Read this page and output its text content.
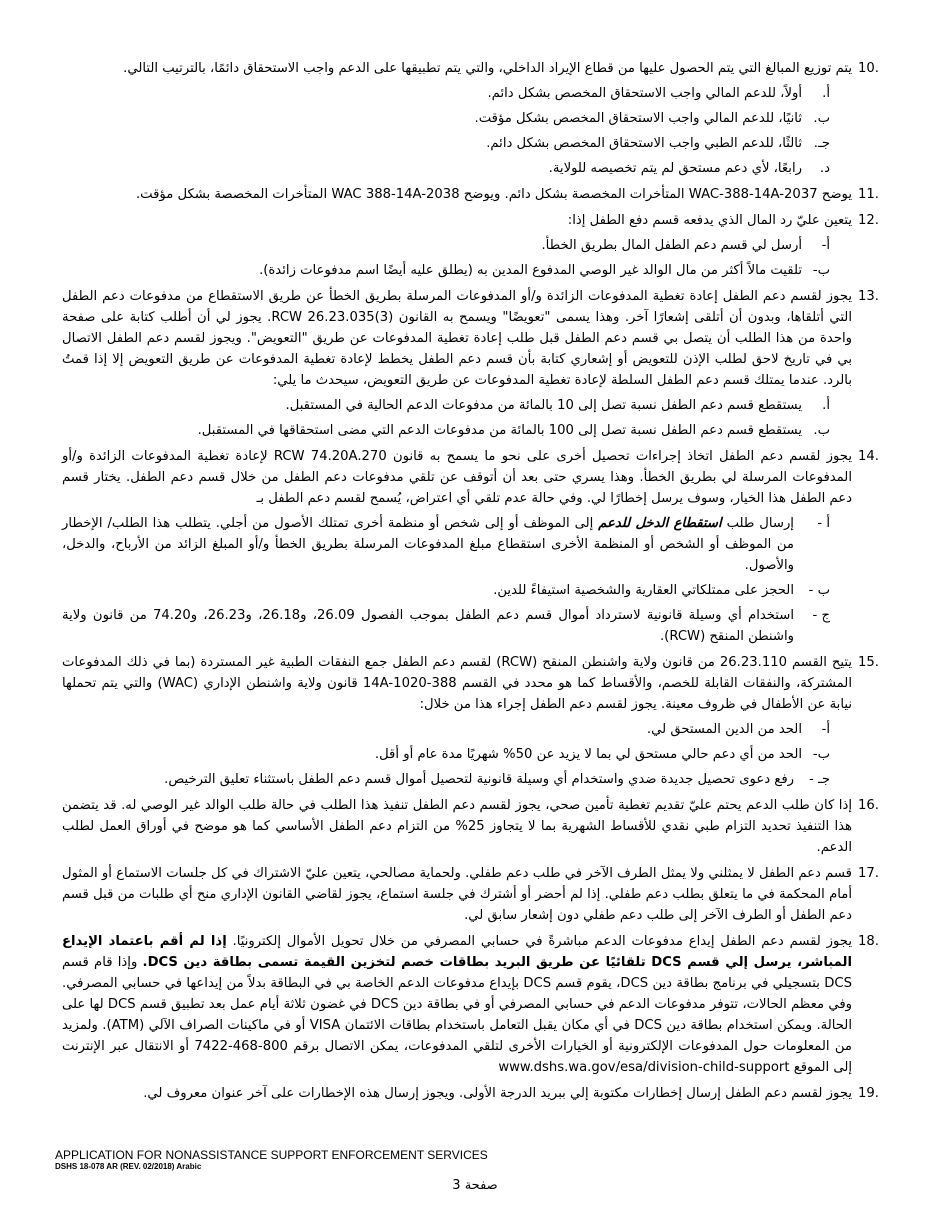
10.
يتم توزيع المبالغ التي يتم الحصول عليها من قطاع الإيراد الداخلي، والتي يتم تطبيقها على الدعم واجب الاستحقاق دائمًا، بالترتيب التالي.
أ.
أولاً، للدعم المالي واجب الاستحقاق المخصص بشكل دائم.
ب.
ثانيًا، للدعم المالي واجب الاستحقاق المخصص بشكل مؤقت.
جـ.
ثالثًا، للدعم الطبي واجب الاستحقاق المخصص بشكل دائم.
د.
رابعًا، لأي دعم مستحق لم يتم تخصيصه للولاية.
11.
يوضح WAC-388-14A-2037 المتأخرات المخصصة بشكل دائم. ويوضح WAC 388-14A-2038 المتأخرات المخصصة بشكل مؤقت.
12.
يتعين عليّ رد المال الذي يدفعه قسم دفع الطفل إذا:
أ-
أرسل لي قسم دعم الطفل المال بطريق الخطأ.
ب-
تلقيت مالاً أكثر من مال الوالد غير الوصي المدفوع المدين به (يطلق عليه أيضًا اسم مدفوعات زائدة).
13.
يجوز لقسم دعم الطفل إعادة تغطية المدفوعات الزائدة و/أو المدفوعات المرسلة بطريق الخطأ عن طريق الاستقطاع من مدفوعات دعم الطفل التي أتلقاها، وبدون أن أتلقى إشعارًا آخر. وهذا يسمى "تعويضًا" ويسمح به القانون RCW 26.23.035(3). يجوز لي أن أطلب كتابة على صفحة واحدة من هذا الطلب أن يتصل بي قسم دعم الطفل قبل طلب إعادة تغطية المدفوعات عن طريق "التعويض". ويجوز لقسم دعم الطفل الاتصال بي في تاريخ لاحق لطلب الإذن للتعويض أو إشعاري كتابة بأن قسم دعم الطفل يخطط لإعادة تغطية المدفوعات عن طريق التعويض إلا إذا قمتُ بالرد. عندما يمتلك قسم دعم الطفل السلطة لإعادة تغطية المدفوعات عن طريق التعويض، سيحدث ما يلي:
أ.
يستقطع قسم دعم الطفل نسبة تصل إلى 10 بالمائة من مدفوعات الدعم الحالية في المستقبل.
ب.
يستقطع قسم دعم الطفل نسبة تصل إلى 100 بالمائة من مدفوعات الدعم التي مضى استحقاقها في المستقبل.
14.
يجوز لقسم دعم الطفل اتخاذ إجراءات تحصيل أخرى على نحو ما يسمح به قانون RCW 74.20A.270 لإعادة تغطية المدفوعات الزائدة و/أو المدفوعات المرسلة لي بطريق الخطأ. وهذا يسري حتى بعد أن أتوقف عن تلقي مدفوعات دعم الطفل من خلال قسم دعم الطفل. يختار قسم دعم الطفل هذا الخيار، وسوف يرسل إخطارًا لي. وفي حالة عدم تلقي أي اعتراض، يُسمح لقسم دعم الطفل بـ
أ -
إرسال طلب استقطاع الدخل للدعم إلى الموظف أو إلى شخص أو منظمة أخرى تمتلك الأصول من أجلي. يتطلب هذا الطلب/ الإخطار من الموظف أو الشخص أو المنظمة الأخرى استقطاع مبلغ المدفوعات المرسلة بطريق الخطأ و/أو المبلغ الزائد من الأرباح، والدخل، والأصول.
ب -
الحجز على ممتلكاتي العقارية والشخصية استيفاءً للدين.
ج -
استخدام أي وسيلة قانونية لاسترداد أموال قسم دعم الطفل بموجب الفصول 26.09، و26.18، و26.23، و74.20 من قانون ولاية واشنطن المنقح (RCW).
15.
يتيح القسم 26.23.110 من قانون ولاية واشنطن المنقح (RCW) لقسم دعم الطفل جمع النفقات الطبية غير المستردة (بما في ذلك المدفوعات المشتركة، والنفقات القابلة للخصم، والأقساط كما هو محدد في القسم 388-14A-1020 قانون ولاية واشنطن الإداري (WAC) والتي يتم تحملها نيابة عن الأطفال في ظروف معينة. يجوز لقسم دعم الطفل إجراء هذا من خلال:
أ-
الحد من الدين المستحق لي.
ب-
الحد من أي دعم حالي مستحق لي بما لا يزيد عن 50% شهريًا مدة عام أو أقل.
جـ -
رفع دعوى تحصيل جديدة ضدي واستخدام أي وسيلة قانونية لتحصيل أموال قسم دعم الطفل باستثناء تعليق الترخيص.
16.
إذا كان طلب الدعم يحتم عليّ تقديم تغطية تأمين صحي، يجوز لقسم دعم الطفل تنفيذ هذا الطلب في حالة طلب الوالد غير الوصي له. قد يتضمن هذا التنفيذ تحديد التزام طبي نقدي للأقساط الشهرية بما لا يتجاوز 25% من التزام دعم الطفل الأساسي كما هو موضح في أوراق العمل لطلب الدعم.
17.
قسم دعم الطفل لا يمثلني ولا يمثل الطرف الآخر في طلب دعم طفلي. ولحماية مصالحي، يتعين عليّ الاشتراك في كل جلسات الاستماع أو المثول أمام المحكمة في ما يتعلق بطلب دعم طفلي. إذا لم أحضر أو أشترك في جلسة استماع، يجوز لقاضي القانون الإداري منح أي طلبات من قبل قسم دعم الطفل أو الطرف الآخر إلى طلب دعم طفلي دون إشعار سابق لي.
18.
يجوز لقسم دعم الطفل إيداع مدفوعات الدعم مباشرةً في حسابي المصرفي من خلال تحويل الأموال إلكترونيًا. إذا لم أقم باعتماد الإيداع المباشر، يرسل إلي قسم DCS تلقائيًا عن طريق البريد بطاقات خصم لتخزين القيمة تسمى بطاقة دين DCS. وإذا قام قسم DCS بتسجيلي في برنامج بطاقة دين DCS، يقوم قسم DCS بإيداع مدفوعات الدعم الخاصة بي في البطاقة بدلاً من إيداعها في حسابي المصرفي. وفي معظم الحالات، تتوفر مدفوعات الدعم في حسابي المصرفي أو في بطاقة دين DCS في غضون ثلاثة أيام عمل بعد تطبيق قسم DCS لها على الحالة. ويمكن استخدام بطاقة دين DCS في أي مكان يقبل التعامل باستخدام بطاقات الائتمان VISA أو في ماكينات الصراف الآلي (ATM). ولمزيد من المعلومات حول المدفوعات الإلكترونية أو الخيارات الأخرى لتلقي المدفوعات، يمكن الاتصال برقم 800-468-7422 أو الانتقال عبر الإنترنت إلى الموقع www.dshs.wa.gov/esa/division-child-support
19.
يجوز لقسم دعم الطفل إرسال إخطارات مكتوبة إلي ببريد الدرجة الأولى. ويجوز إرسال هذه الإخطارات على آخر عنوان معروف لي.
APPLICATION FOR NONASSISTANCE SUPPORT ENFORCEMENT SERVICES
DSHS 18-078 AR (REV. 02/2018) Arabic
صفحة 3
